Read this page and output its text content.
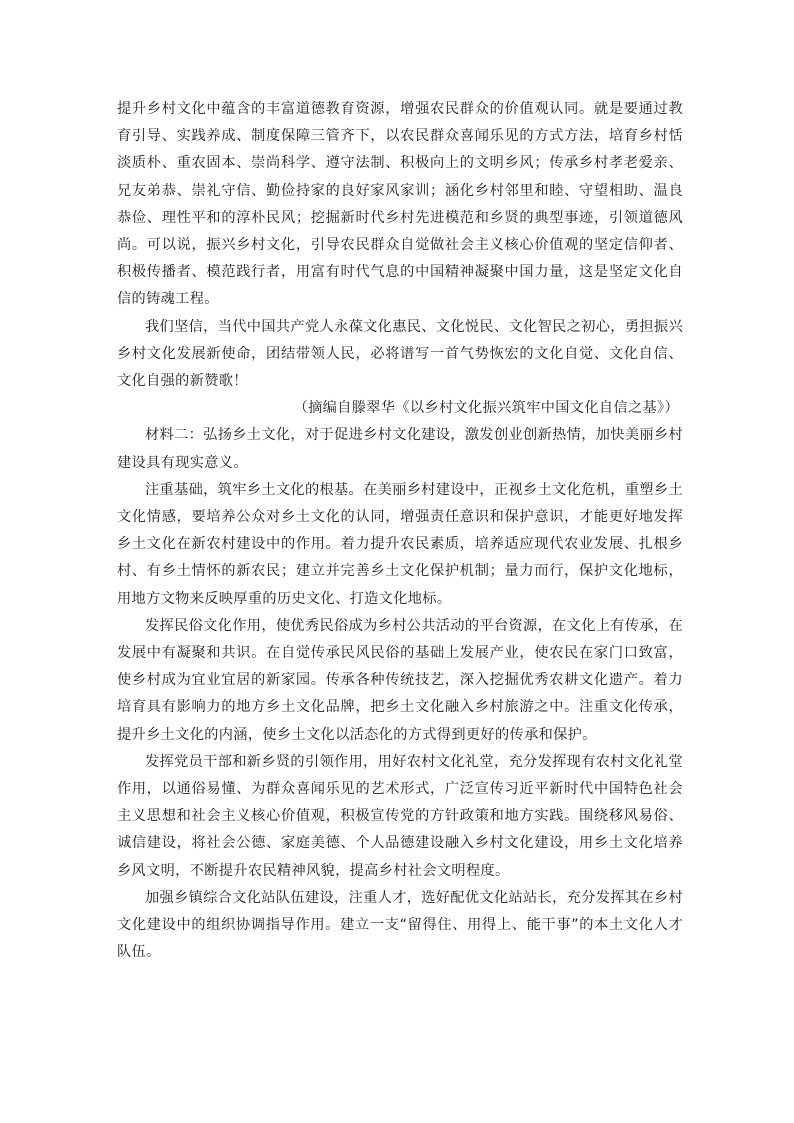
提升乡村文化中蕴含的丰富道德教育资源，增强农民群众的价值观认同。就是要通过教育引导、实践养成、制度保障三管齐下，以农民群众喜闻乐见的方式方法，培育乡村恬淡质朴、重农固本、崇尚科学、遵守法制、积极向上的文明乡风；传承乡村孝老爱亲、兄友弟恭、崇礼守信、勤俭持家的良好家风家训；涵化乡村邻里和睦、守望相助、温良恭俭、理性平和的淳朴民风；挖掘新时代乡村先进模范和乡贤的典型事迹，引领道德风尚。可以说，振兴乡村文化，引导农民群众自觉做社会主义核心价值观的坚定信仰者、积极传播者、模范践行者，用富有时代气息的中国精神凝聚中国力量，这是坚定文化自信的铸魂工程。

我们坚信，当代中国共产党人永葆文化惠民、文化悦民、文化智民之初心，勇担振兴乡村文化发展新使命，团结带领人民，必将谱写一首气势恢宏的文化自觉、文化自信、文化自强的新赞歌！

（摘编自滕翠华《以乡村文化振兴筑牢中国文化自信之基》）

材料二：弘扬乡土文化，对于促进乡村文化建设，激发创业创新热情，加快美丽乡村建设具有现实意义。

注重基础，筑牢乡土文化的根基。在美丽乡村建设中，正视乡土文化危机，重塑乡土文化情感，要培养公众对乡土文化的认同，增强责任意识和保护意识，才能更好地发挥乡土文化在新农村建设中的作用。着力提升农民素质，培养适应现代农业发展、扎根乡村、有乡土情怀的新农民；建立并完善乡土文化保护机制；量力而行，保护文化地标，用地方文物来反映厚重的历史文化、打造文化地标。

发挥民俗文化作用，使优秀民俗成为乡村公共活动的平台资源，在文化上有传承，在发展中有凝聚和共识。在自觉传承民风民俗的基础上发展产业，使农民在家门口致富，使乡村成为宜业宜居的新家园。传承各种传统技艺，深入挖掘优秀农耕文化遗产。着力培育具有影响力的地方乡土文化品牌，把乡土文化融入乡村旅游之中。注重文化传承，提升乡土文化的内涵，使乡土文化以活态化的方式得到更好的传承和保护。

发挥党员干部和新乡贤的引领作用，用好农村文化礼堂，充分发挥现有农村文化礼堂作用，以通俗易懂、为群众喜闻乐见的艺术形式，广泛宣传习近平新时代中国特色社会主义思想和社会主义核心价值观，积极宣传党的方针政策和地方实践。围绕移风易俗、诚信建设，将社会公德、家庭美德、个人品德建设融入乡村文化建设，用乡土文化培养乡风文明，不断提升农民精神风貌，提高乡村社会文明程度。

加强乡镇综合文化站队伍建设，注重人才，选好配优文化站站长，充分发挥其在乡村文化建设中的组织协调指导作用。建立一支“留得住、用得上、能干事”的本土文化人才队伍。
